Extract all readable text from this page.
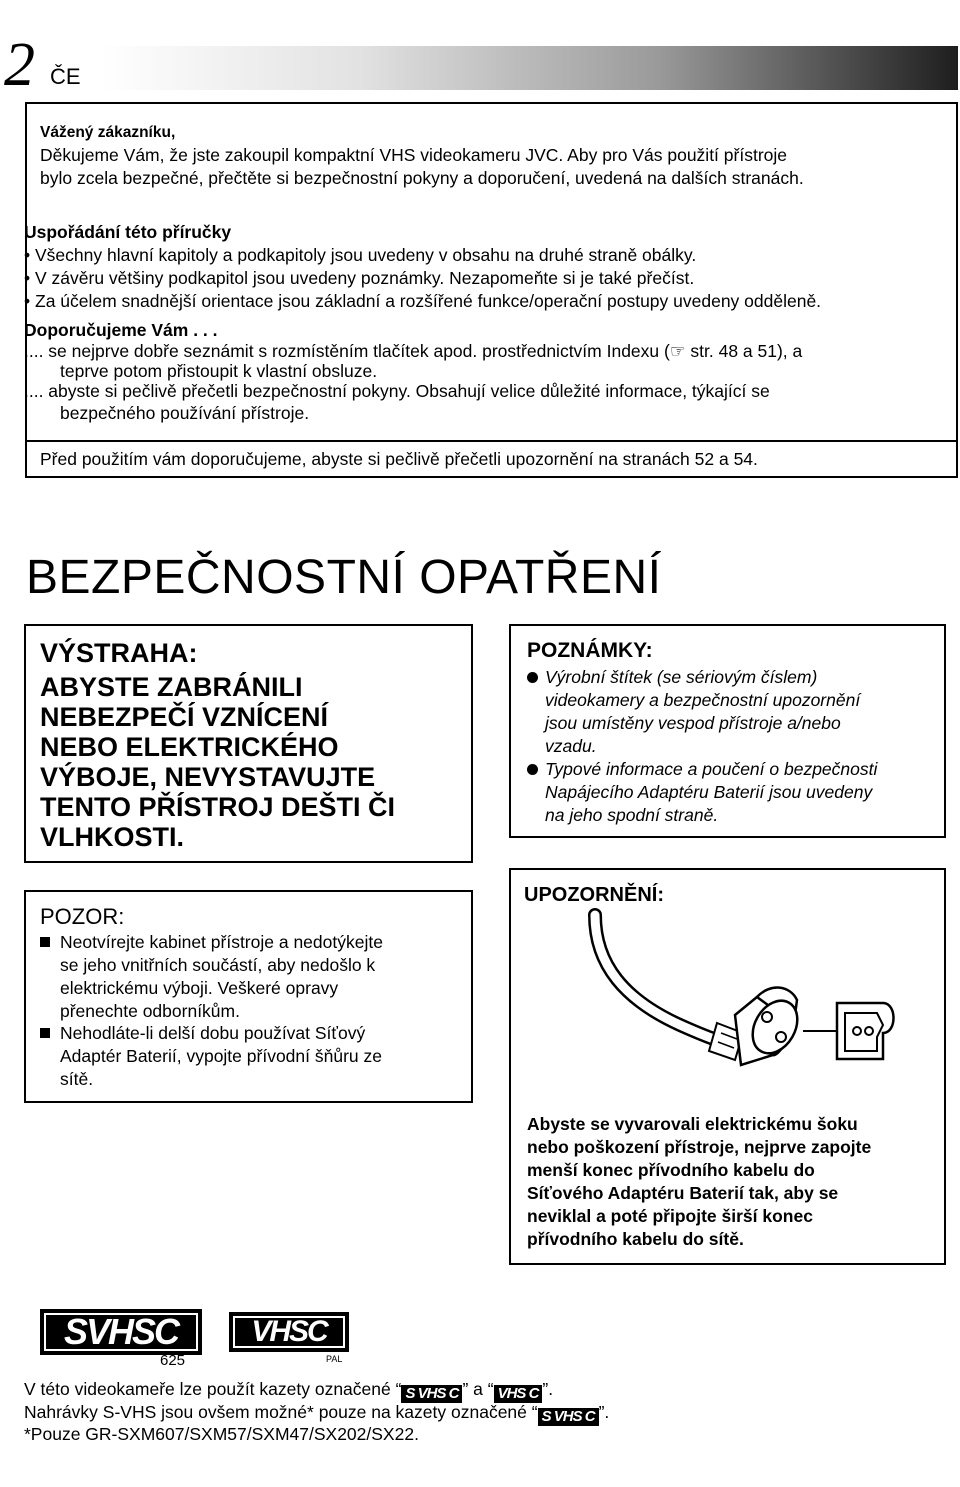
2 ČE
Vážený zákazníku,
Děkujeme Vám, že jste zakoupil kompaktní VHS videokameru JVC. Aby pro Vás použití přístroje
bylo zcela bezpečné, přečtěte si bezpečnostní pokyny a doporučení, uvedená na dalších stranách.
Uspořádání této příručky
• Všechny hlavní kapitoly a podkapitoly jsou uvedeny v obsahu na druhé straně obálky.
• V závěru většiny podkapitol jsou uvedeny poznámky. Nezapomeňte si je také přečíst.
• Za účelem snadnější orientace jsou základní a rozšířené funkce/operační postupy uvedeny odděleně.
Doporučujeme Vám . . .
.... se nejprve dobře seznámit s rozmístěním tlačítek apod. prostřednictvím Indexu (☞ str. 48 a 51), a
teprve potom přistoupit k vlastní obsluze.
.... abyste si pečlivě přečetli bezpečnostní pokyny. Obsahují velice důležité informace, týkající se
bezpečného používání přístroje.
Před použitím vám doporučujeme, abyste si pečlivě přečetli upozornění na stranách 52 a 54.
BEZPEČNOSTNÍ OPATŘENÍ
VÝSTRAHA:
ABYSTE ZABRÁNILI
NEBEZPEČÍ VZNÍCENÍ
NEBO ELEKTRICKÉHO
VÝBOJE, NEVYSTAVUJTE
TENTO PŘÍSTROJ DEŠTI ČI
VLHKOSTI.
POZNÁMKY:
Výrobní štítek (se sériovým číslem)
videokamery a bezpečnostní upozornění
jsou umístěny vespod přístroje a/nebo
vzadu.
Typové informace a poučení o bezpečnosti
Napájecího Adaptéru Baterií jsou uvedeny
na jeho spodní straně.
POZOR:
Neotvírejte kabinet přístroje a nedotýkejte
se jeho vnitřních součástí, aby nedošlo k
elektrickému výboji. Veškeré opravy
přenechte odborníkům.
Nehodláte-li delší dobu používat Síťový
Adaptér Baterií, vypojte přívodní šňůru ze
sítě.
UPOZORNĚNÍ:
Abyste se vyvarovali elektrickému šoku
nebo poškození přístroje, nejprve zapojte
menší konec přívodního kabelu do
Síťového Adaptéru Baterií tak, aby se
neviklal a poté připojte širší konec
přívodního kabelu do sítě.
SVHSC
625
VHSC
PAL
V této videokameře lze použít kazety označené “ S VHS C ” a “ VHS C ”.
Nahrávky S-VHS jsou ovšem možné* pouze na kazety označené “ S VHS C ”.
*Pouze GR-SXM607/SXM57/SXM47/SX202/SX22.
